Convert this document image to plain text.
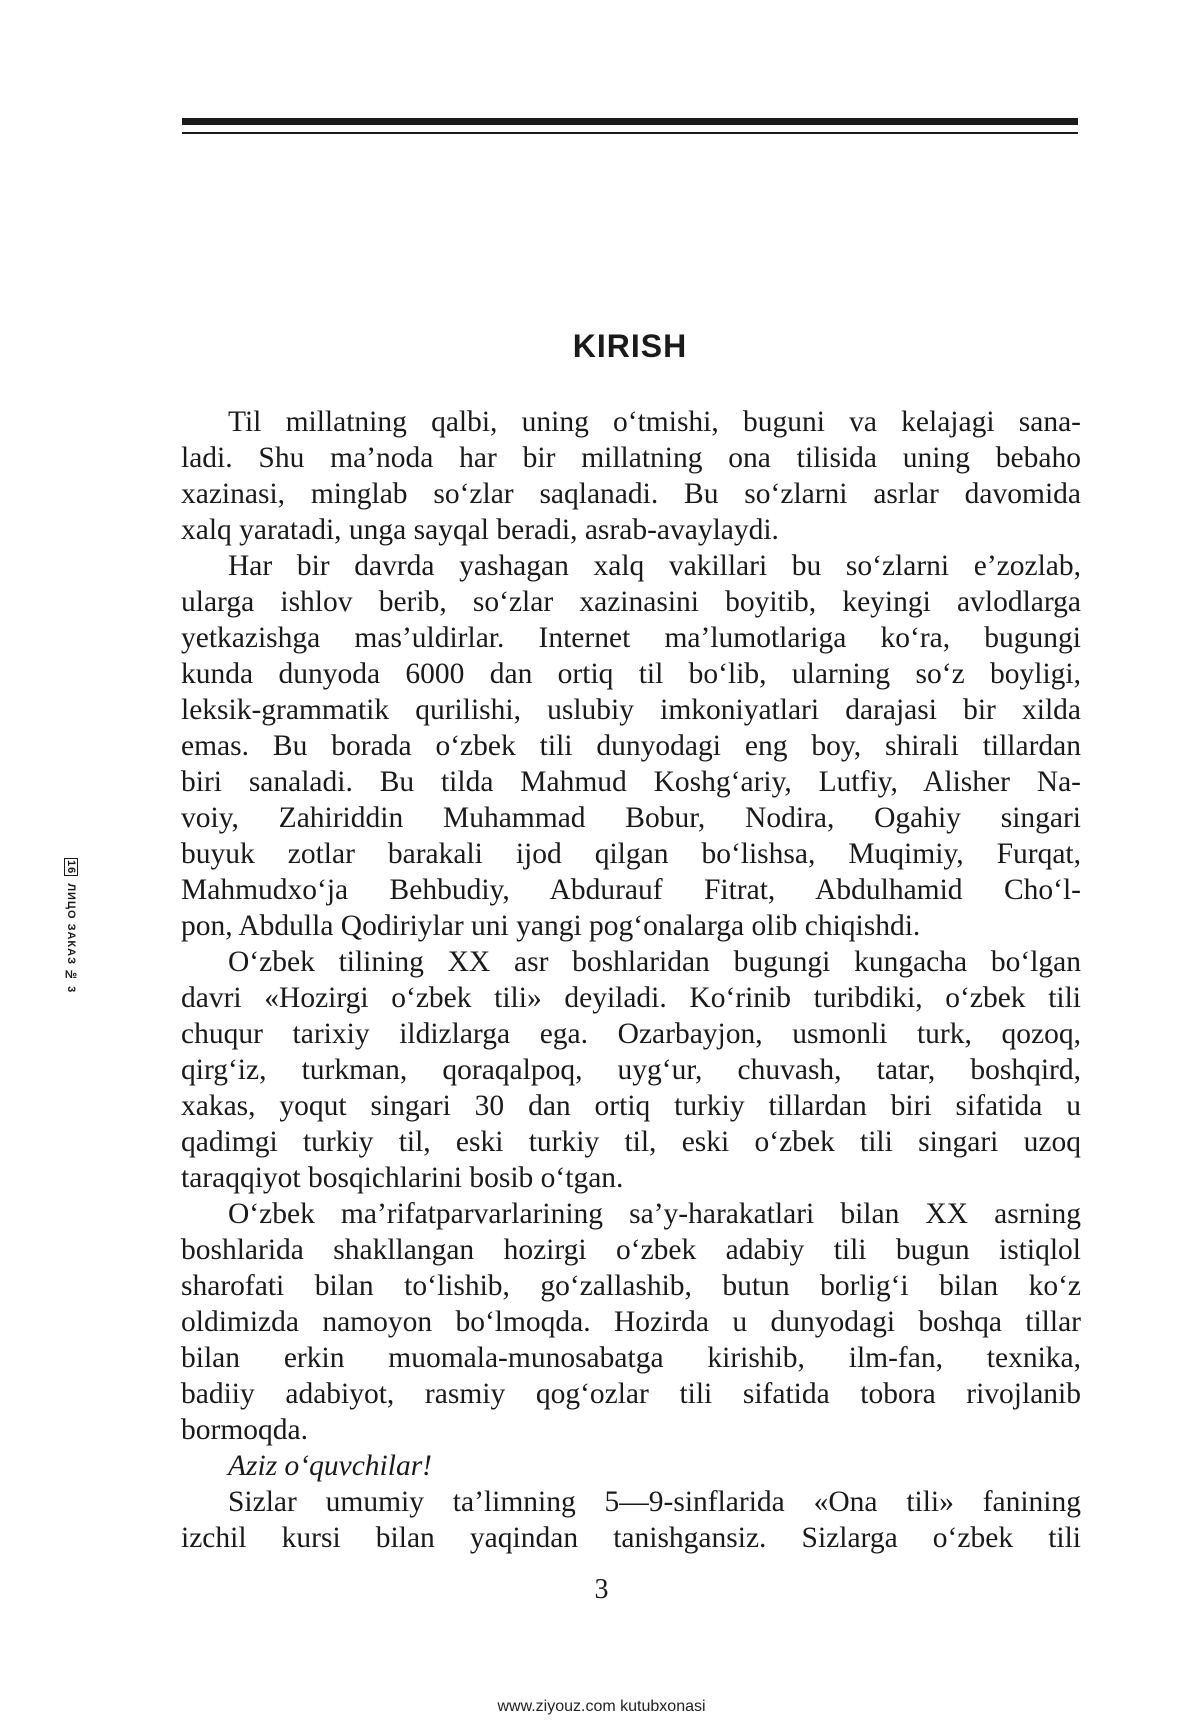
KIRISH
Til millatning qalbi, uning o‘tmishi, buguni va kelajagi sana-
ladi. Shu ma’noda har bir millatning ona tilisida uning bebaho
xazinasi, minglab so‘zlar saqlanadi. Bu so‘zlarni asrlar davomida
xalq yaratadi, unga sayqal beradi, asrab-avaylaydi.
Har bir davrda yashagan xalq vakillari bu so‘zlarni e’zozlab,
ularga ishlov berib, so‘zlar xazinasini boyitib, keyingi avlodlarga
yetkazishga mas’uldirlar. Internet ma’lumotlariga ko‘ra, bugungi
kunda dunyoda 6000 dan ortiq til bo‘lib, ularning so‘z boyligi,
leksik-grammatik qurilishi, uslubiy imkoniyatlari darajasi bir xilda
emas. Bu borada o‘zbek tili dunyodagi eng boy, shirali tillardan
biri sanaladi. Bu tilda Mahmud Koshg‘ariy, Lutfiy, Alisher Na-
voiy, Zahiriddin Muhammad Bobur, Nodira, Ogahiy singari
buyuk zotlar barakali ijod qilgan bo‘lishsa, Muqimiy, Furqat,
Mahmudxo‘ja Behbudiy, Abdurauf Fitrat, Abdulhamid Cho‘l-
pon, Abdulla Qodiriylar uni yangi pog‘onalarga olib chiqishdi.
O‘zbek tilining XX asr boshlaridan bugungi kungacha bo‘lgan
davri «Hozirgi o‘zbek tili» deyiladi. Ko‘rinib turibdiki, o‘zbek tili
chuqur tarixiy ildizlarga ega. Ozarbayjon, usmonli turk, qozoq,
qirg‘iz, turkman, qoraqalpoq, uyg‘ur, chuvash, tatar, boshqird,
xakas, yoqut singari 30 dan ortiq turkiy tillardan biri sifatida u
qadimgi turkiy til, eski turkiy til, eski o‘zbek tili singari uzoq
taraqqiyot bosqichlarini bosib o‘tgan.
O‘zbek ma’rifatparvarlarining sa’y-harakatlari bilan XX asrning
boshlarida shakllangan hozirgi o‘zbek adabiy tili bugun istiqlol
sharofati bilan to‘lishib, go‘zallashib, butun borlig‘i bilan ko‘z
oldimizda namoyon bo‘lmoqda. Hozirda u dunyodagi boshqa tillar
bilan erkin muomala-munosabatga kirishib, ilm-fan, texnika,
badiiy adabiyot, rasmiy qog‘ozlar tili sifatida tobora rivojlanib
bormoqda.
Aziz o‘quvchilar!
Sizlar umumiy ta’limning 5—9-sinflarida «Ona tili» fanining
izchil kursi bilan yaqindan tanishgansiz. Sizlarga o‘zbek tili
16 ЛИЦО ЗАКАЗ № 3
3
www.ziyouz.com kutubxonasi
